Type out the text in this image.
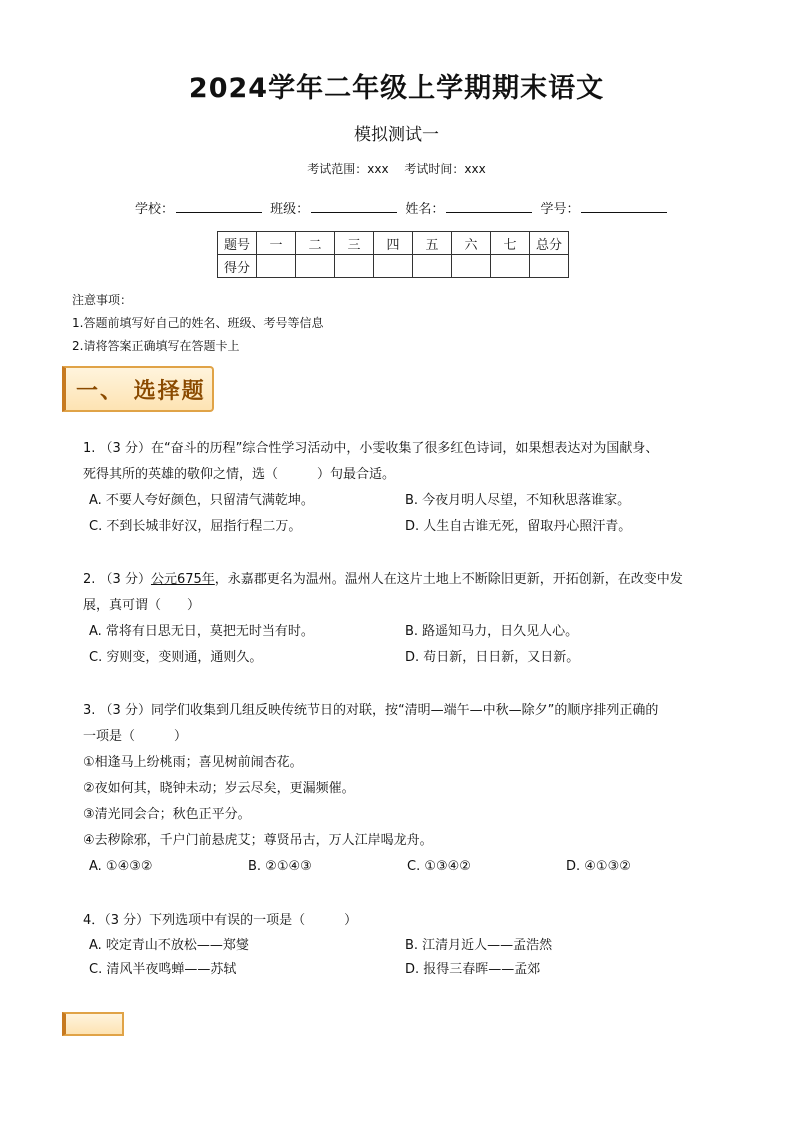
2024学年二年级上学期期末语文
模拟测试一
考试范围：xxx 考试时间：xxx
学校：	班级：	姓名：	学号：
题号	一	二	三	四	五	六	七	总分
得分								
注意事项：
1.答题前填写好自己的姓名、班级、考号等信息
2.请将答案正确填写在答题卡上
一、 选择题
1. （3 分）在“奋斗的历程”综合性学习活动中，小雯收集了很多红色诗词，如果想表达对为国献身、
死得其所的英雄的敬仰之情，选（　　　）句最合适。
A. 不要人夸好颜色，只留清气满乾坤。	B. 今夜月明人尽望，不知秋思落谁家。
C. 不到长城非好汉，屈指行程二万。	D. 人生自古谁无死，留取丹心照汗青。
2. （3 分）公元675年，永嘉郡更名为温州。温州人在这片土地上不断除旧更新，开拓创新，在改变中发
展，真可谓（　　）
A. 常将有日思无日，莫把无时当有时。	B. 路遥知马力，日久见人心。
C. 穷则变，变则通，通则久。	D. 苟日新，日日新，又日新。
3. （3 分）同学们收集到几组反映传统节日的对联，按“清明—端午—中秋—除夕”的顺序排列正确的
一项是（　　　）
①相逢马上纷桃雨；喜见树前闹杏花。
②夜如何其，晓钟未动；岁云尽矣，更漏频催。
③清光同会合；秋色正平分。
④去秽除邪，千户门前悬虎艾；尊贤吊古，万人江岸喝龙舟。
A. ①④③②	B. ②①④③	C. ①③④②	D. ④①③②
4．（3 分）下列选项中有误的一项是（　　　）
A. 咬定青山不放松——郑燮	B. 江清月近人——孟浩然
C. 清风半夜鸣蝉——苏轼	D. 报得三春晖——孟郊
